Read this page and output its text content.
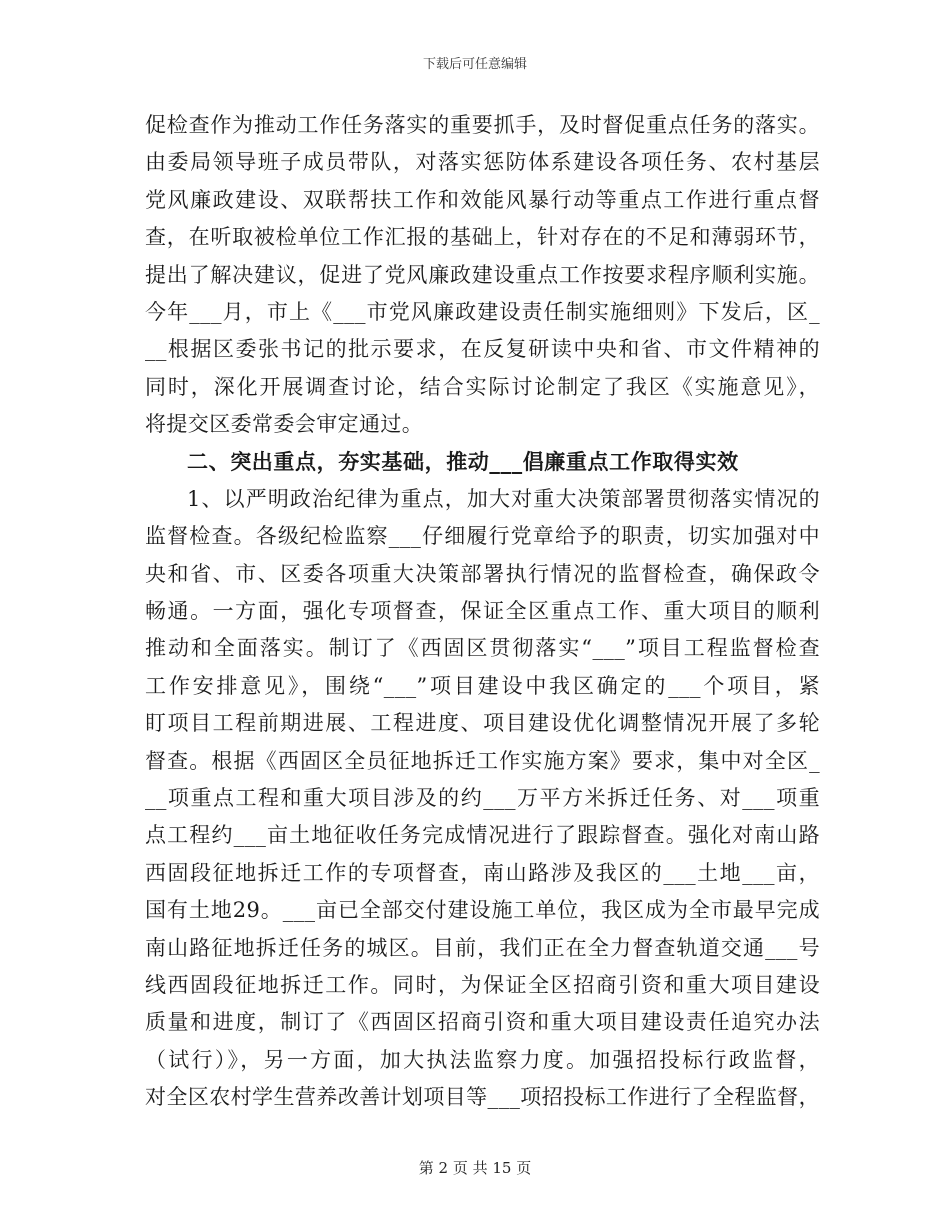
下载后可任意编辑
促检查作为推动工作任务落实的重要抓手，及时督促重点任务的落实。
由委局领导班子成员带队，对落实惩防体系建设各项任务、农村基层
党风廉政建设、双联帮扶工作和效能风暴行动等重点工作进行重点督
查，在听取被检单位工作汇报的基础上，针对存在的不足和薄弱环节，
提出了解决建议，促进了党风廉政建设重点工作按要求程序顺利实施。
今年___月，市上《___市党风廉政建设责任制实施细则》下发后，区_
__根据区委张书记的批示要求，在反复研读中央和省、市文件精神的
同时，深化开展调查讨论，结合实际讨论制定了我区《实施意见》，
将提交区委常委会审定通过。
二、突出重点，夯实基础，推动___倡廉重点工作取得实效
1、以严明政治纪律为重点，加大对重大决策部署贯彻落实情况的
监督检查。各级纪检监察___仔细履行党章给予的职责，切实加强对中
央和省、市、区委各项重大决策部署执行情况的监督检查，确保政令
畅通。一方面，强化专项督查，保证全区重点工作、重大项目的顺利
推动和全面落实。制订了《西固区贯彻落实“___”项目工程监督检查
工作安排意见》，围绕“___”项目建设中我区确定的___个项目，紧
盯项目工程前期进展、工程进度、项目建设优化调整情况开展了多轮
督查。根据《西固区全员征地拆迁工作实施方案》要求，集中对全区_
__项重点工程和重大项目涉及的约___万平方米拆迁任务、对___项重
点工程约___亩土地征收任务完成情况进行了跟踪督查。强化对南山路
西固段征地拆迁工作的专项督查，南山路涉及我区的___土地___亩，
国有土地29。___亩已全部交付建设施工单位，我区成为全市最早完成
南山路征地拆迁任务的城区。目前，我们正在全力督查轨道交通___号
线西固段征地拆迁工作。同时，为保证全区招商引资和重大项目建设
质量和进度，制订了《西固区招商引资和重大项目建设责任追究办法
（试行）》，另一方面，加大执法监察力度。加强招投标行政监督，
对全区农村学生营养改善计划项目等___项招投标工作进行了全程监督，
第 2 页 共 15 页
